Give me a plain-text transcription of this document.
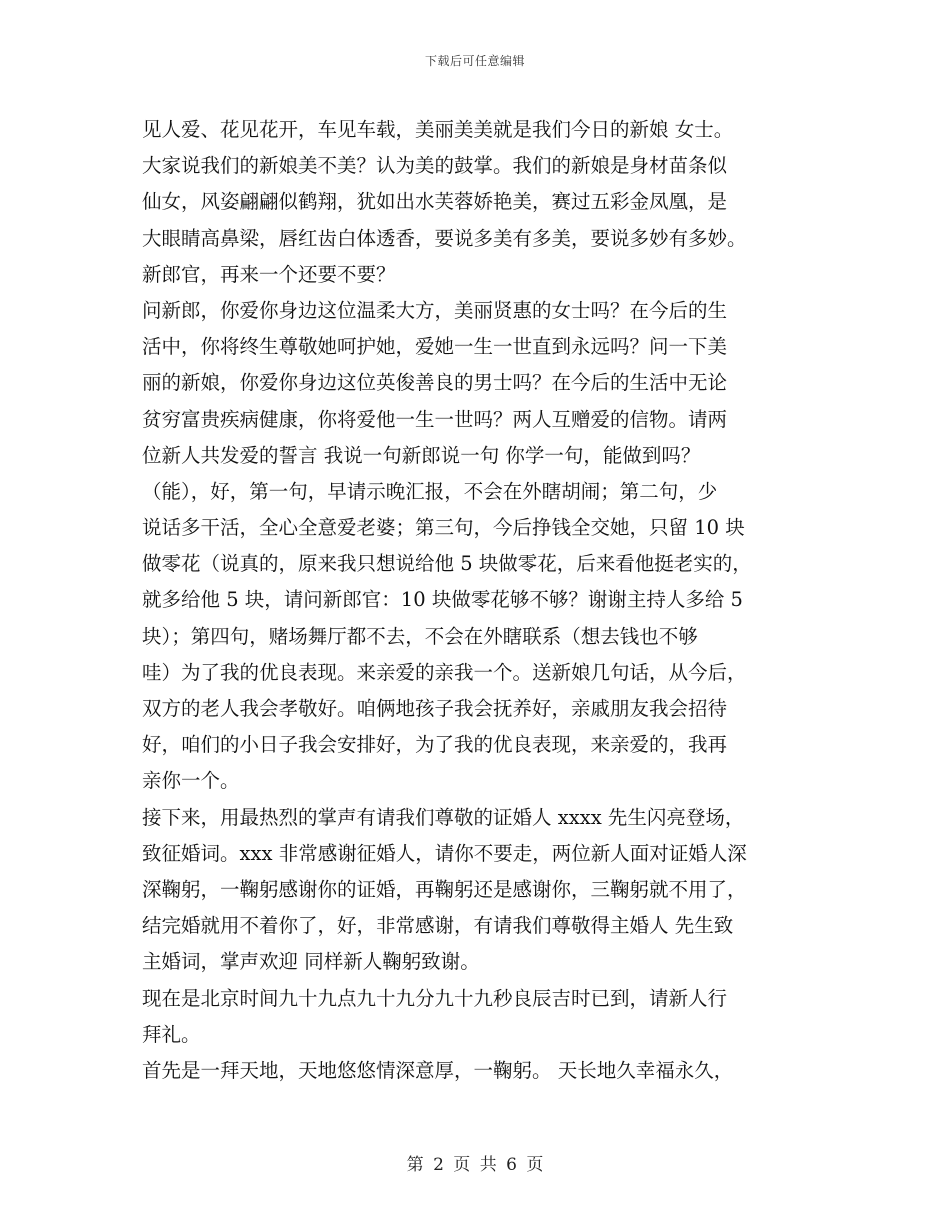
下载后可任意编辑
见人爱、花见花开，车见车载，美丽美美就是我们今日的新娘 女士。
大家说我们的新娘美不美？认为美的鼓掌。我们的新娘是身材苗条似
仙女，风姿翩翩似鹤翔，犹如出水芙蓉娇艳美，赛过五彩金凤凰，是
大眼睛高鼻梁，唇红齿白体透香，要说多美有多美，要说多妙有多妙。
新郎官，再来一个还要不要？
问新郎，你爱你身边这位温柔大方，美丽贤惠的女士吗？在今后的生
活中，你将终生尊敬她呵护她，爱她一生一世直到永远吗？问一下美
丽的新娘，你爱你身边这位英俊善良的男士吗？在今后的生活中无论
贫穷富贵疾病健康，你将爱他一生一世吗？两人互赠爱的信物。请两
位新人共发爱的誓言 我说一句新郎说一句 你学一句，能做到吗？
（能），好，第一句，早请示晚汇报，不会在外瞎胡闹；第二句，少
说话多干活，全心全意爱老婆；第三句，今后挣钱全交她，只留 10 块
做零花（说真的，原来我只想说给他 5 块做零花，后来看他挺老实的，
就多给他 5 块，请问新郎官：10 块做零花够不够？谢谢主持人多给 5
块）；第四句，赌场舞厅都不去，不会在外瞎联系（想去钱也不够
哇）为了我的优良表现。来亲爱的亲我一个。送新娘几句话，从今后，
双方的老人我会孝敬好。咱俩地孩子我会抚养好，亲戚朋友我会招待
好，咱们的小日子我会安排好，为了我的优良表现，来亲爱的，我再
亲你一个。
接下来，用最热烈的掌声有请我们尊敬的证婚人 xxxx 先生闪亮登场，
致征婚词。xxx 非常感谢征婚人，请你不要走，两位新人面对证婚人深
深鞠躬，一鞠躬感谢你的证婚，再鞠躬还是感谢你，三鞠躬就不用了，
结完婚就用不着你了，好，非常感谢，有请我们尊敬得主婚人 先生致
主婚词，掌声欢迎 同样新人鞠躬致谢。
现在是北京时间九十九点九十九分九十九秒良辰吉时已到，请新人行
拜礼。
首先是一拜天地，天地悠悠情深意厚，一鞠躬。 天长地久幸福永久，
第 2 页 共 6 页
